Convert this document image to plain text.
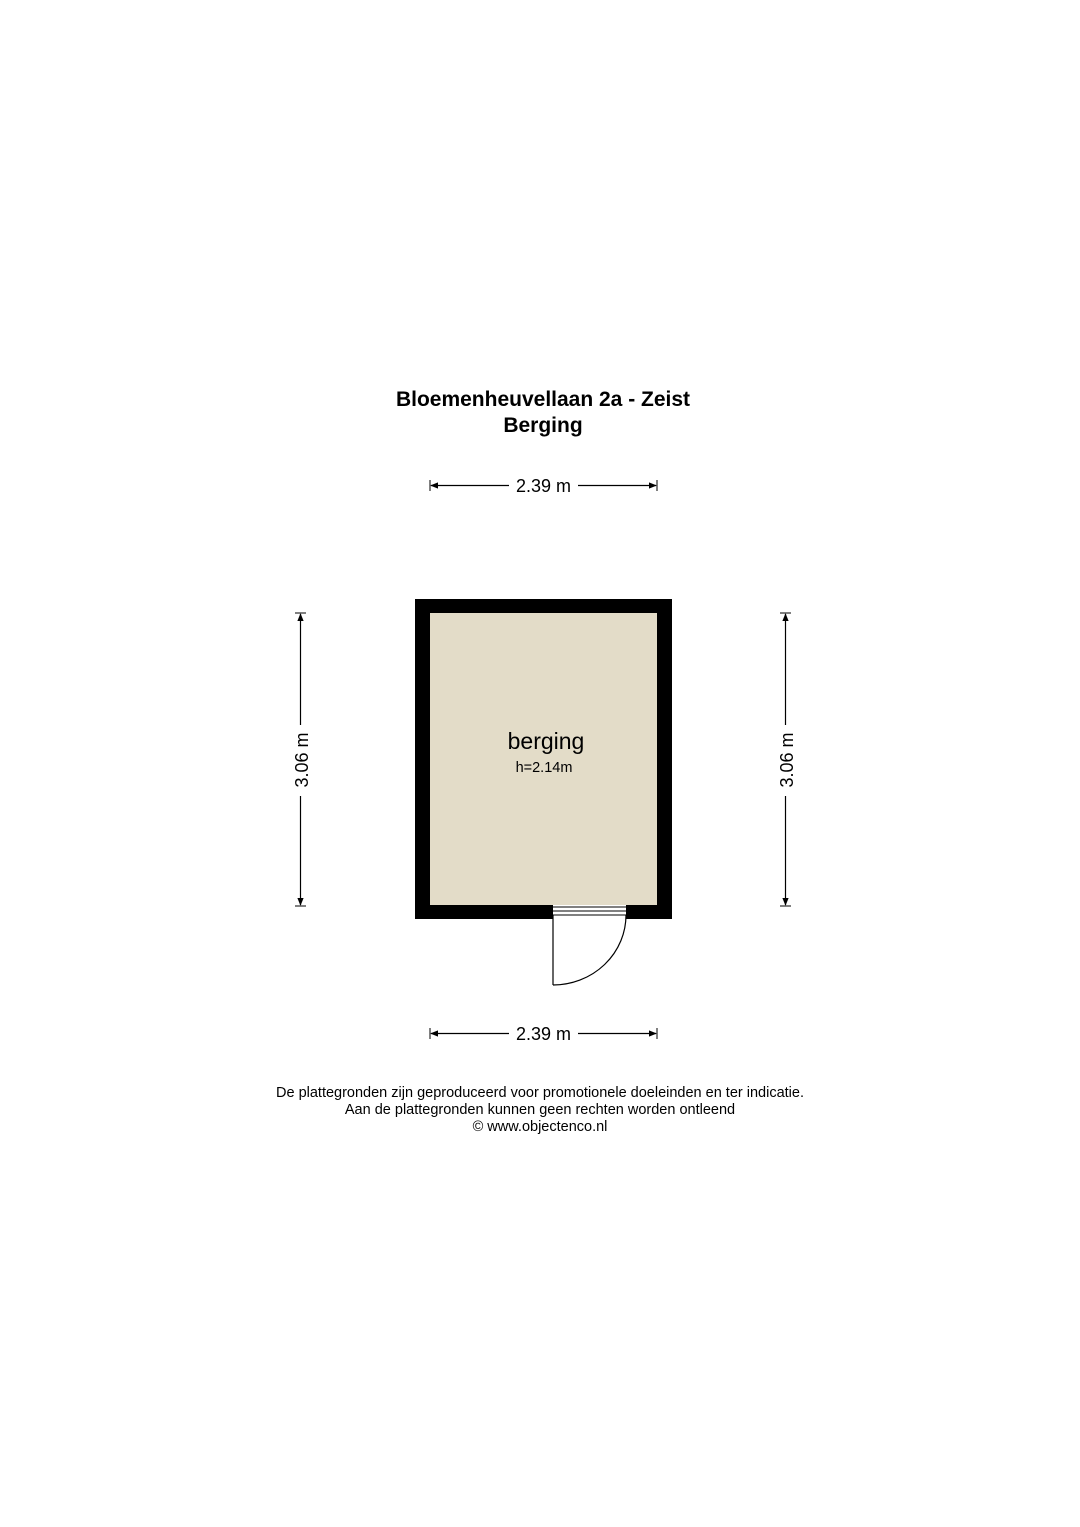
Bloemenheuvellaan 2a - Zeist
Berging
2.39 m
2.39 m
3.06 m	3.06 m
berging
h=2.14m
De plattegronden zijn geproduceerd voor promotionele doeleinden en ter indicatie.
Aan de plattegronden kunnen geen rechten worden ontleend
© www.objectenco.nl
